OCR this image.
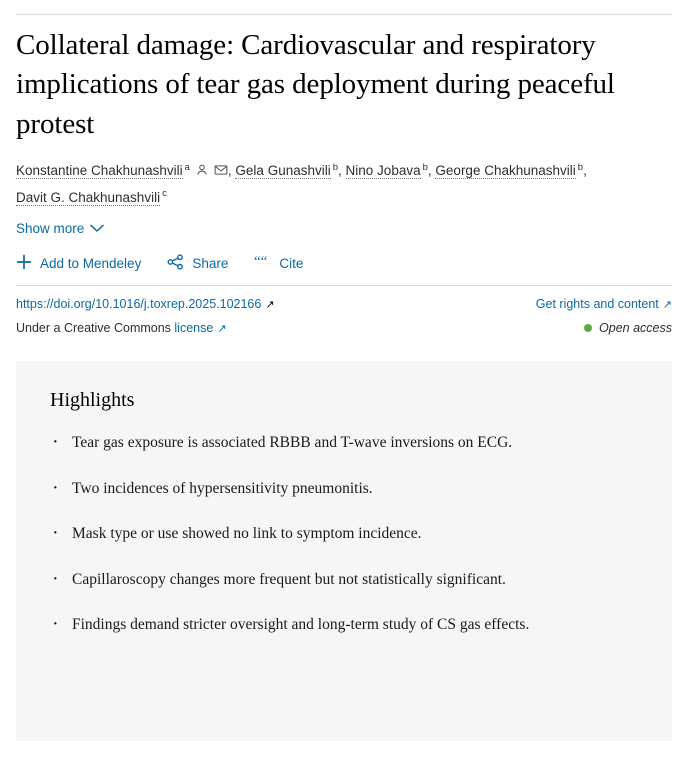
Collateral damage: Cardiovascular and respiratory implications of tear gas deployment during peaceful protest
Konstantine Chakhunashvili $^a$	, Gela Gunashvili $^b$, Nino Jobava $^b$, George Chakhunashvili $^b$,
Davit G. Chakhunashvili $^c$
Show more
Add to Mendeley	Share ““ Cite
https://doi.org/10.1016/j.toxrep.2025.102166 ↗	Get rights and content ↗
Under a Creative Commons license ↗	Open access
Highlights
· Tear gas exposure is associated RBBB and T-wave inversions on ECG.
· Two incidences of hypersensitivity pneumonitis.
· Mask type or use showed no link to symptom incidence.
· Capillaroscopy changes more frequent but not statistically significant.
· Findings demand stricter oversight and long-term study of CS gas effects.
